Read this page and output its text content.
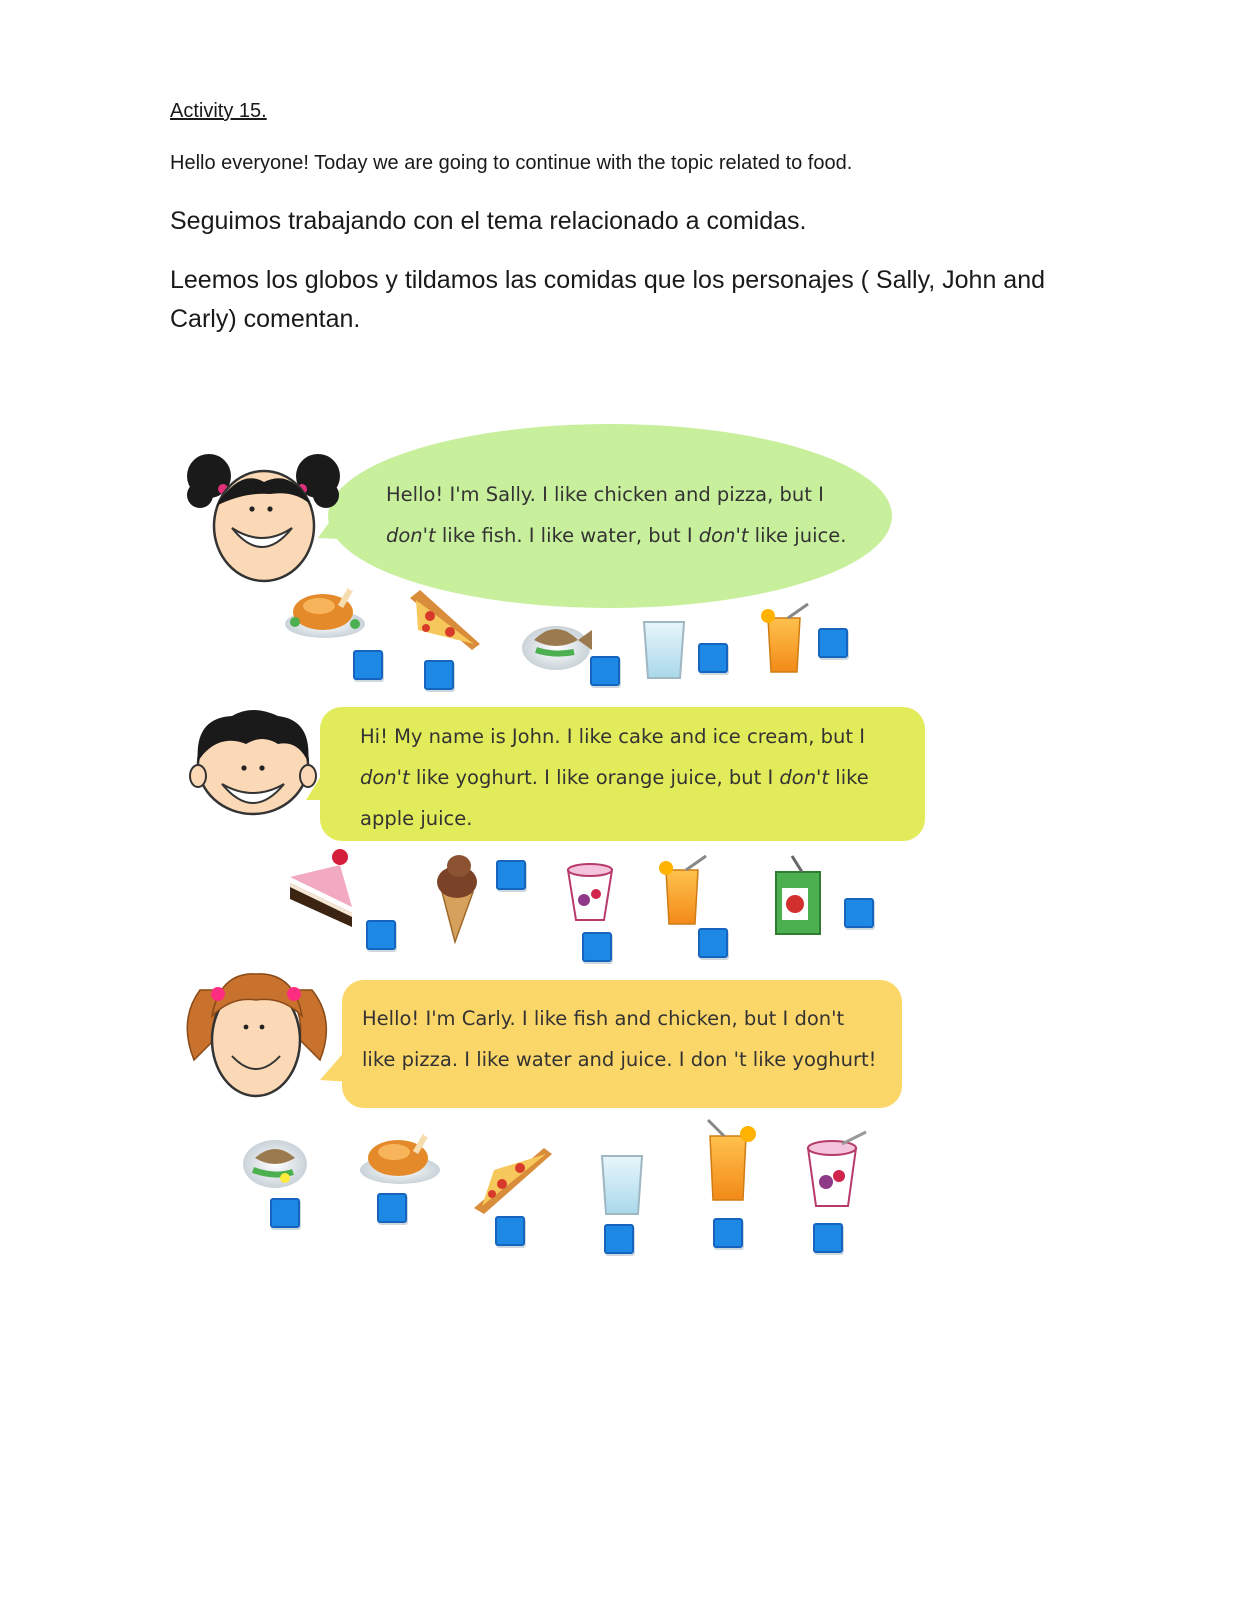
Activity 15.

Hello everyone! Today we are going to continue with the topic related to food.

Seguimos trabajando con el tema relacionado a comidas.

Leemos los globos y tildamos las comidas que los personajes ( Sally, John and Carly) comentan.

Hello! I'm Sally. I like chicken and pizza, but I
don't like fish. I like water, but I don't like juice.
Hi! My name is John. I like cake and ice cream, but I
don't like yoghurt. I like orange juice, but I don't like
apple juice.
Hello! I'm Carly. I like fish and chicken, but I don't
like pizza. I like water and juice. I don 't like yoghurt!
